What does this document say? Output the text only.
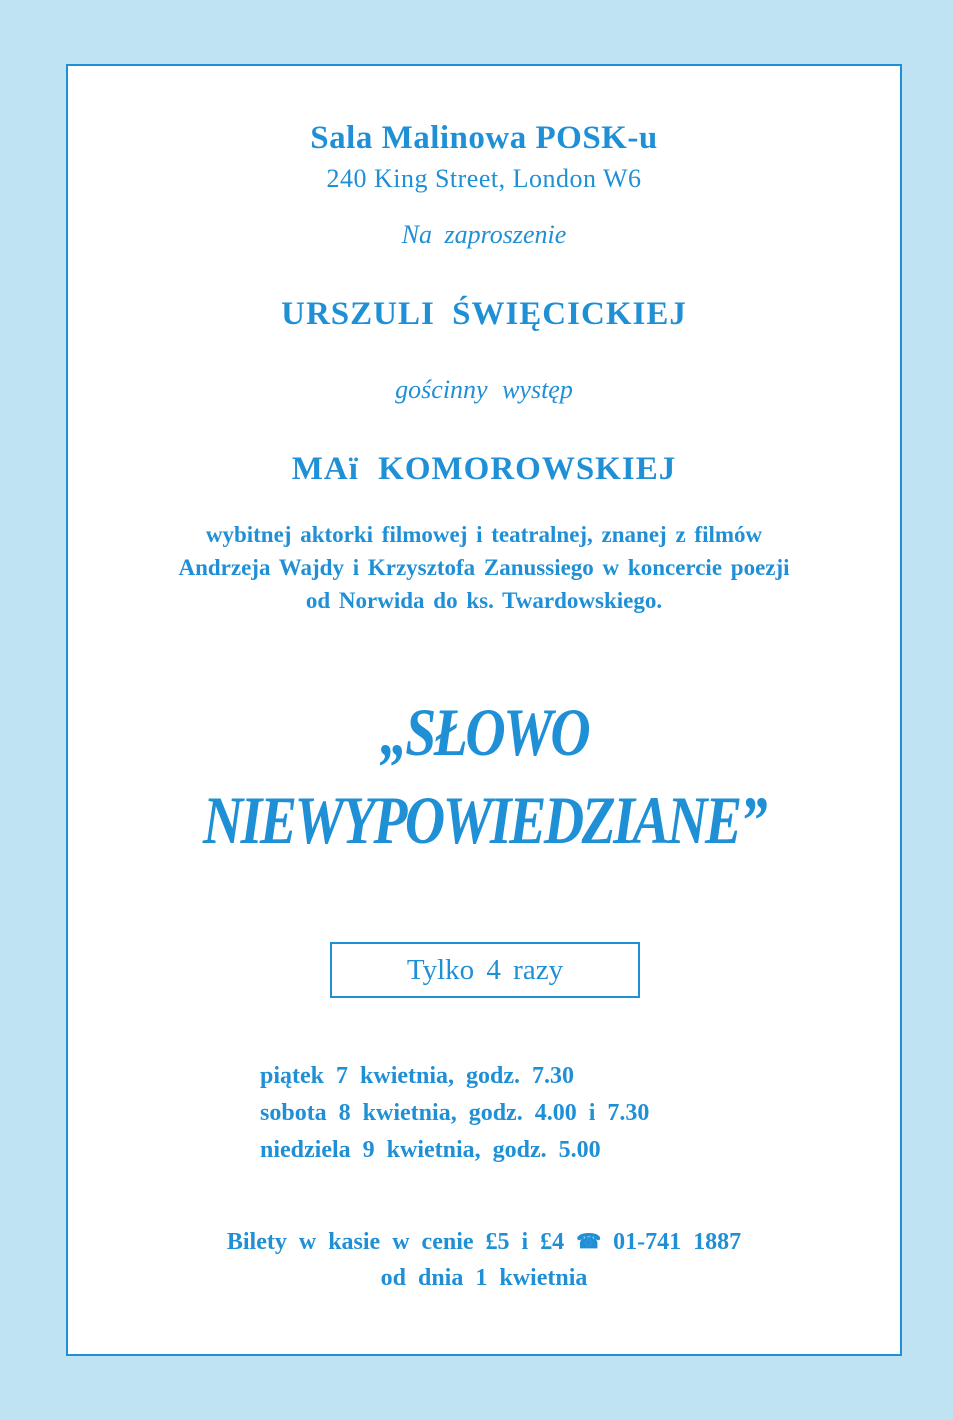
Sala Malinowa POSK-u

240 King Street, London W6

Na zaproszenie

URSZULI ŚWIĘCICKIEJ

gościnny występ

MAï KOMOROWSKIEJ

wybitnej aktorki filmowej i teatralnej, znanej z filmów
Andrzeja Wajdy i Krzysztofa Zanussiego w koncercie poezji
od Norwida do ks. Twardowskiego.
„SŁOWO
NIEWYPOWIEDZIANE”
Tylko 4 razy
piątek 7 kwietnia, godz. 7.30
sobota 8 kwietnia, godz. 4.00 i 7.30
niedziela 9 kwietnia, godz. 5.00
Bilety w kasie w cenie £5 i £4 ☎ 01-741 1887
od dnia 1 kwietnia
